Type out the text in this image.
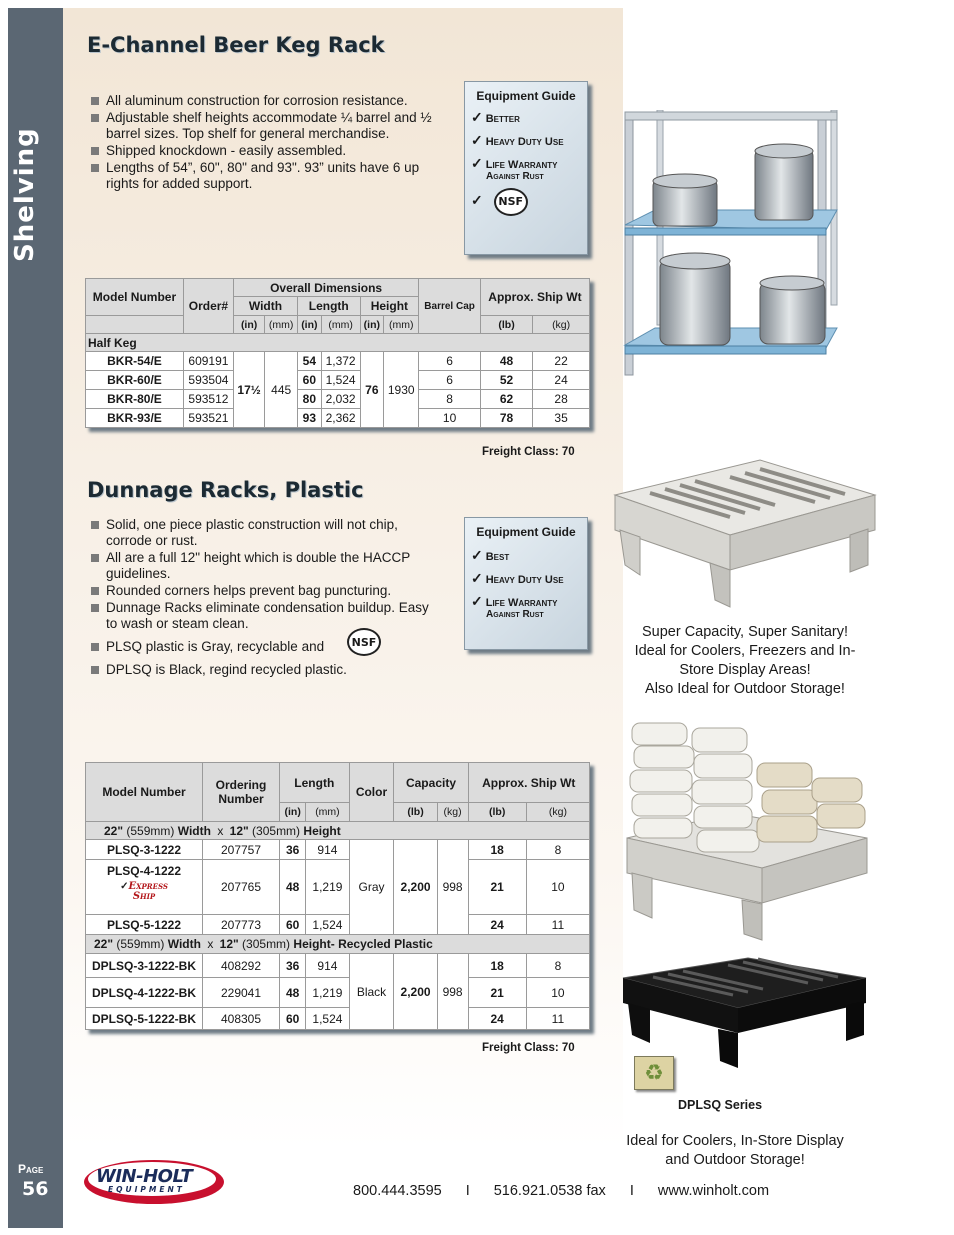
Shelving
Page
56
E-Channel Beer Keg Rack
All aluminum construction for corrosion resistance.
Adjustable shelf heights accommodate ¼ barrel and ½ barrel sizes. Top shelf for general merchandise.
Shipped knockdown - easily assembled.
Lengths of 54”, 60", 80" and 93". 93” units have 6 up rights for added support.
Equipment Guide
✓ Better
✓ Heavy Duty Use
✓ Life Warranty
Against Rust
✓ NSF
Model Number	Order#	Overall Dimensions						Barrel Cap	Approx. Ship Wt	
		Width		Length		Height				
		(in)	(mm)	(in)	(mm)	(in)	(mm)		(lb)	(kg)
Half Keg										
BKR-54/E	609191	17½	445	54	1,372	76	1930	6	48	22
BKR-60/E	593504			60	1,524			6	52	24
BKR-80/E	593512			80	2,032			8	62	28
BKR-93/E	593521			93	2,362			10	78	35
Freight Class: 70
Dunnage Racks, Plastic
Solid, one piece plastic construction will not chip, corrode or rust.
All are a full 12" height which is double the HACCP guidelines.
Rounded corners helps prevent bag puncturing.
Dunnage Racks eliminate condensation buildup. Easy to wash or steam clean.
PLSQ plastic is Gray, recyclable and
DPLSQ is Black, regind recycled plastic.
NSF
Equipment Guide
✓ Best
✓ Heavy Duty Use
✓ Life Warranty
Against Rust
Super Capacity, Super Sanitary!
Ideal for Coolers, Freezers and In-
Store Display Areas!
Also Ideal for Outdoor Storage!
♻
DPLSQ Series
Ideal for Coolers, In-Store Display
and Outdoor Storage!
Model Number	Ordering Number	Length		Color	Capacity		Approx. Ship Wt	
		(in)	(mm)		(lb)	(kg)	(lb)	(kg)
22" (559mm) Width x 12" (305mm) Height								
PLSQ-3-1222	207757	36	914	Gray	2,200	998	18	8

PLSQ-4-1222
✓Express
Ship	207765	48	1,219				21	10
PLSQ-5-1222	207773	60	1,524				24	11
22" (559mm) Width x 12" (305mm) Height- Recycled Plastic								
DPLSQ-3-1222-BK	408292	36	914	Black	2,200	998	18	8
DPLSQ-4-1222-BK	229041	48	1,219				21	10
DPLSQ-5-1222-BK	408305	60	1,524				24	11
Freight Class: 70
WIN-HOLT
EQUIPMENT	800.444.3595 I 516.921.0538 fax I www.winholt.com
